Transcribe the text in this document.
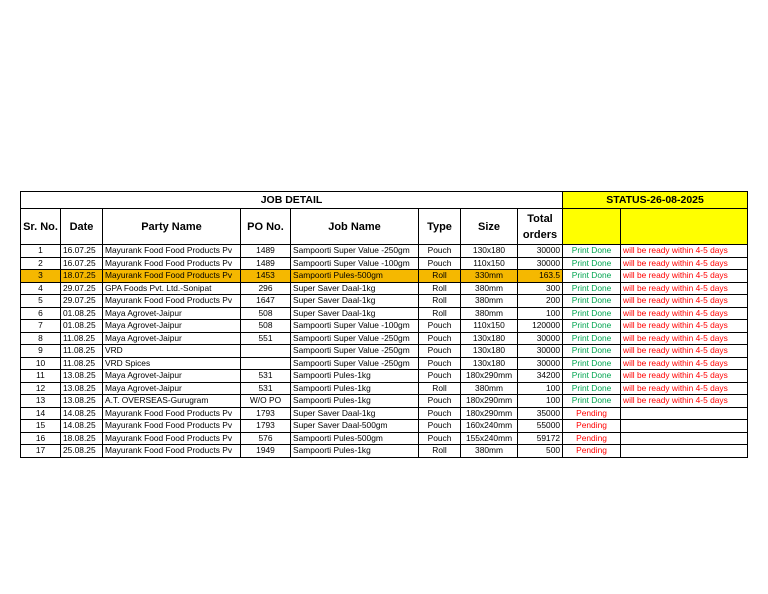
JOB DETAIL								STATUS-26-08-2025	
Sr. No.	Date	Party Name	PO No.	Job Name	Type	Size	Total
orders		
1	16.07.25	Mayurank Food Food Products Pv	1489	Sampoorti Super Value -250gm	Pouch	130x180	30000	Print Done	will be ready within 4-5 days
2	16.07.25	Mayurank Food Food Products Pv	1489	Sampoorti Super Value -100gm	Pouch	110x150	30000	Print Done	will be ready within 4-5 days
3	18.07.25	Mayurank Food Food Products Pv	1453	Sampoorti Pules-500gm	Roll	330mm	163.5	Print Done	will be ready within 4-5 days
4	29.07.25	GPA Foods Pvt. Ltd.-Sonipat	296	Super Saver Daal-1kg	Roll	380mm	300	Print Done	will be ready within 4-5 days
5	29.07.25	Mayurank Food Food Products Pv	1647	Super Saver Daal-1kg	Roll	380mm	200	Print Done	will be ready within 4-5 days
6	01.08.25	Maya Agrovet-Jaipur	508	Super Saver Daal-1kg	Roll	380mm	100	Print Done	will be ready within 4-5 days
7	01.08.25	Maya Agrovet-Jaipur	508	Sampoorti Super Value -100gm	Pouch	110x150	120000	Print Done	will be ready within 4-5 days
8	11.08.25	Maya Agrovet-Jaipur	551	Sampoorti Super Value -250gm	Pouch	130x180	30000	Print Done	will be ready within 4-5 days
9	11.08.25	VRD		Sampoorti Super Value -250gm	Pouch	130x180	30000	Print Done	will be ready within 4-5 days
10	11.08.25	VRD Spices		Sampoorti Super Value -250gm	Pouch	130x180	30000	Print Done	will be ready within 4-5 days
11	13.08.25	Maya Agrovet-Jaipur	531	Sampoorti Pules-1kg	Pouch	180x290mm	34200	Print Done	will be ready within 4-5 days
12	13.08.25	Maya Agrovet-Jaipur	531	Sampoorti Pules-1kg	Roll	380mm	100	Print Done	will be ready within 4-5 days
13	13.08.25	A.T. OVERSEAS-Gurugram	W/O PO	Sampoorti Pules-1kg	Pouch	180x290mm	100	Print Done	will be ready within 4-5 days
14	14.08.25	Mayurank Food Food Products Pv	1793	Super Saver Daal-1kg	Pouch	180x290mm	35000	Pending	
15	14.08.25	Mayurank Food Food Products Pv	1793	Super Saver Daal-500gm	Pouch	160x240mm	55000	Pending	
16	18.08.25	Mayurank Food Food Products Pv	576	Sampoorti Pules-500gm	Pouch	155x240mm	59172	Pending	
17	25.08.25	Mayurank Food Food Products Pv	1949	Sampoorti Pules-1kg	Roll	380mm	500	Pending	
